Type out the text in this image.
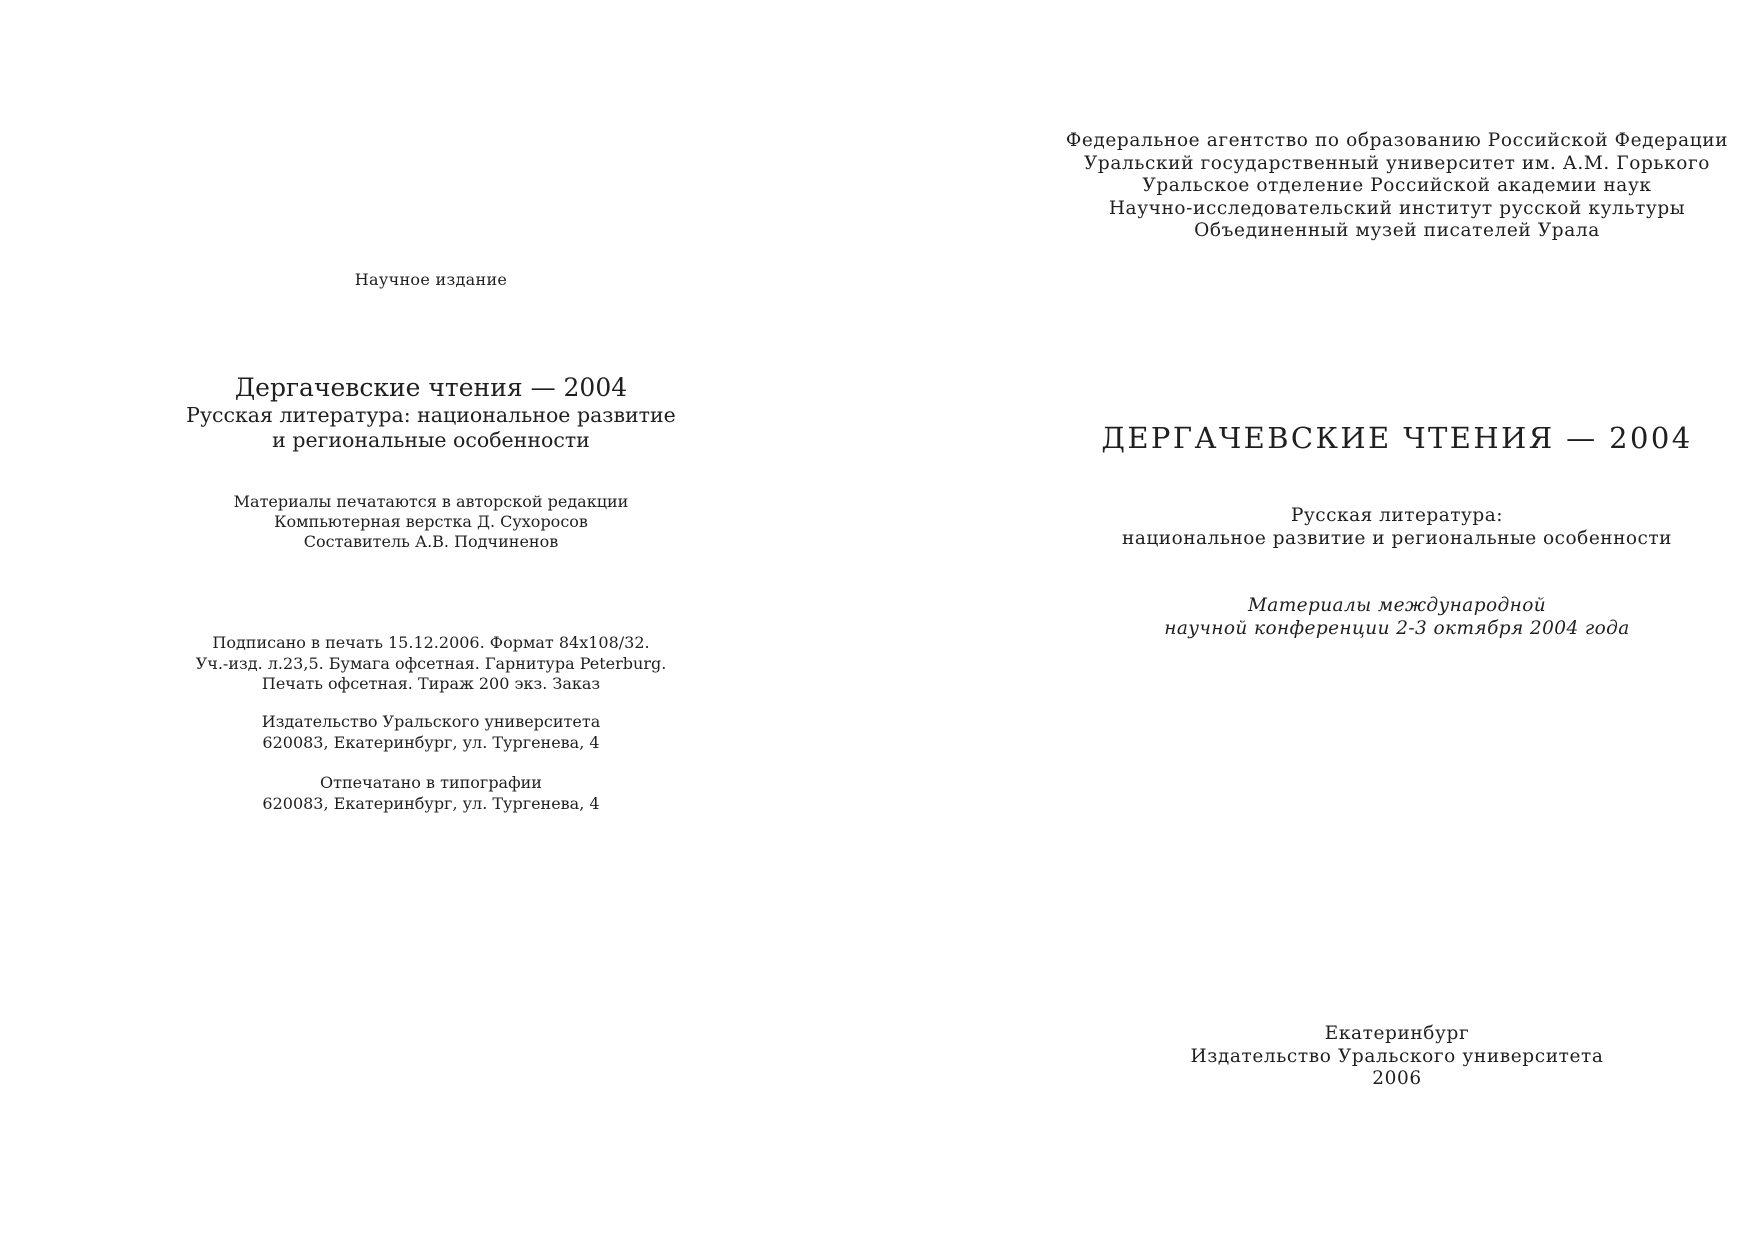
Научное издание
Дергачевские чтения — 2004
Русская литература: национальное развитие
и региональные особенности
Материалы печатаются в авторской редакции
Компьютерная верстка Д. Сухоросов
Составитель А.В. Подчиненов
Подписано в печать 15.12.2006. Формат 84х108/32.
Уч.-изд. л.23,5. Бумага офсетная. Гарнитура Peterburg.
Печать офсетная. Тираж 200 экз. Заказ
Издательство Уральского университета
620083, Екатеринбург, ул. Тургенева, 4
Отпечатано в типографии
620083, Екатеринбург, ул. Тургенева, 4
Федеральное агентство по образованию Российской Федерации
Уральский государственный университет им. А.М. Горького
Уральское отделение Российской академии наук
Научно-исследовательский институт русской культуры
Объединенный музей писателей Урала
ДЕРГАЧЕВСКИЕ ЧТЕНИЯ — 2004
Русская литература:
национальное развитие и региональные особенности
Материалы международной
научной конференции 2-3 октября 2004 года
Екатеринбург
Издательство Уральского университета
2006
